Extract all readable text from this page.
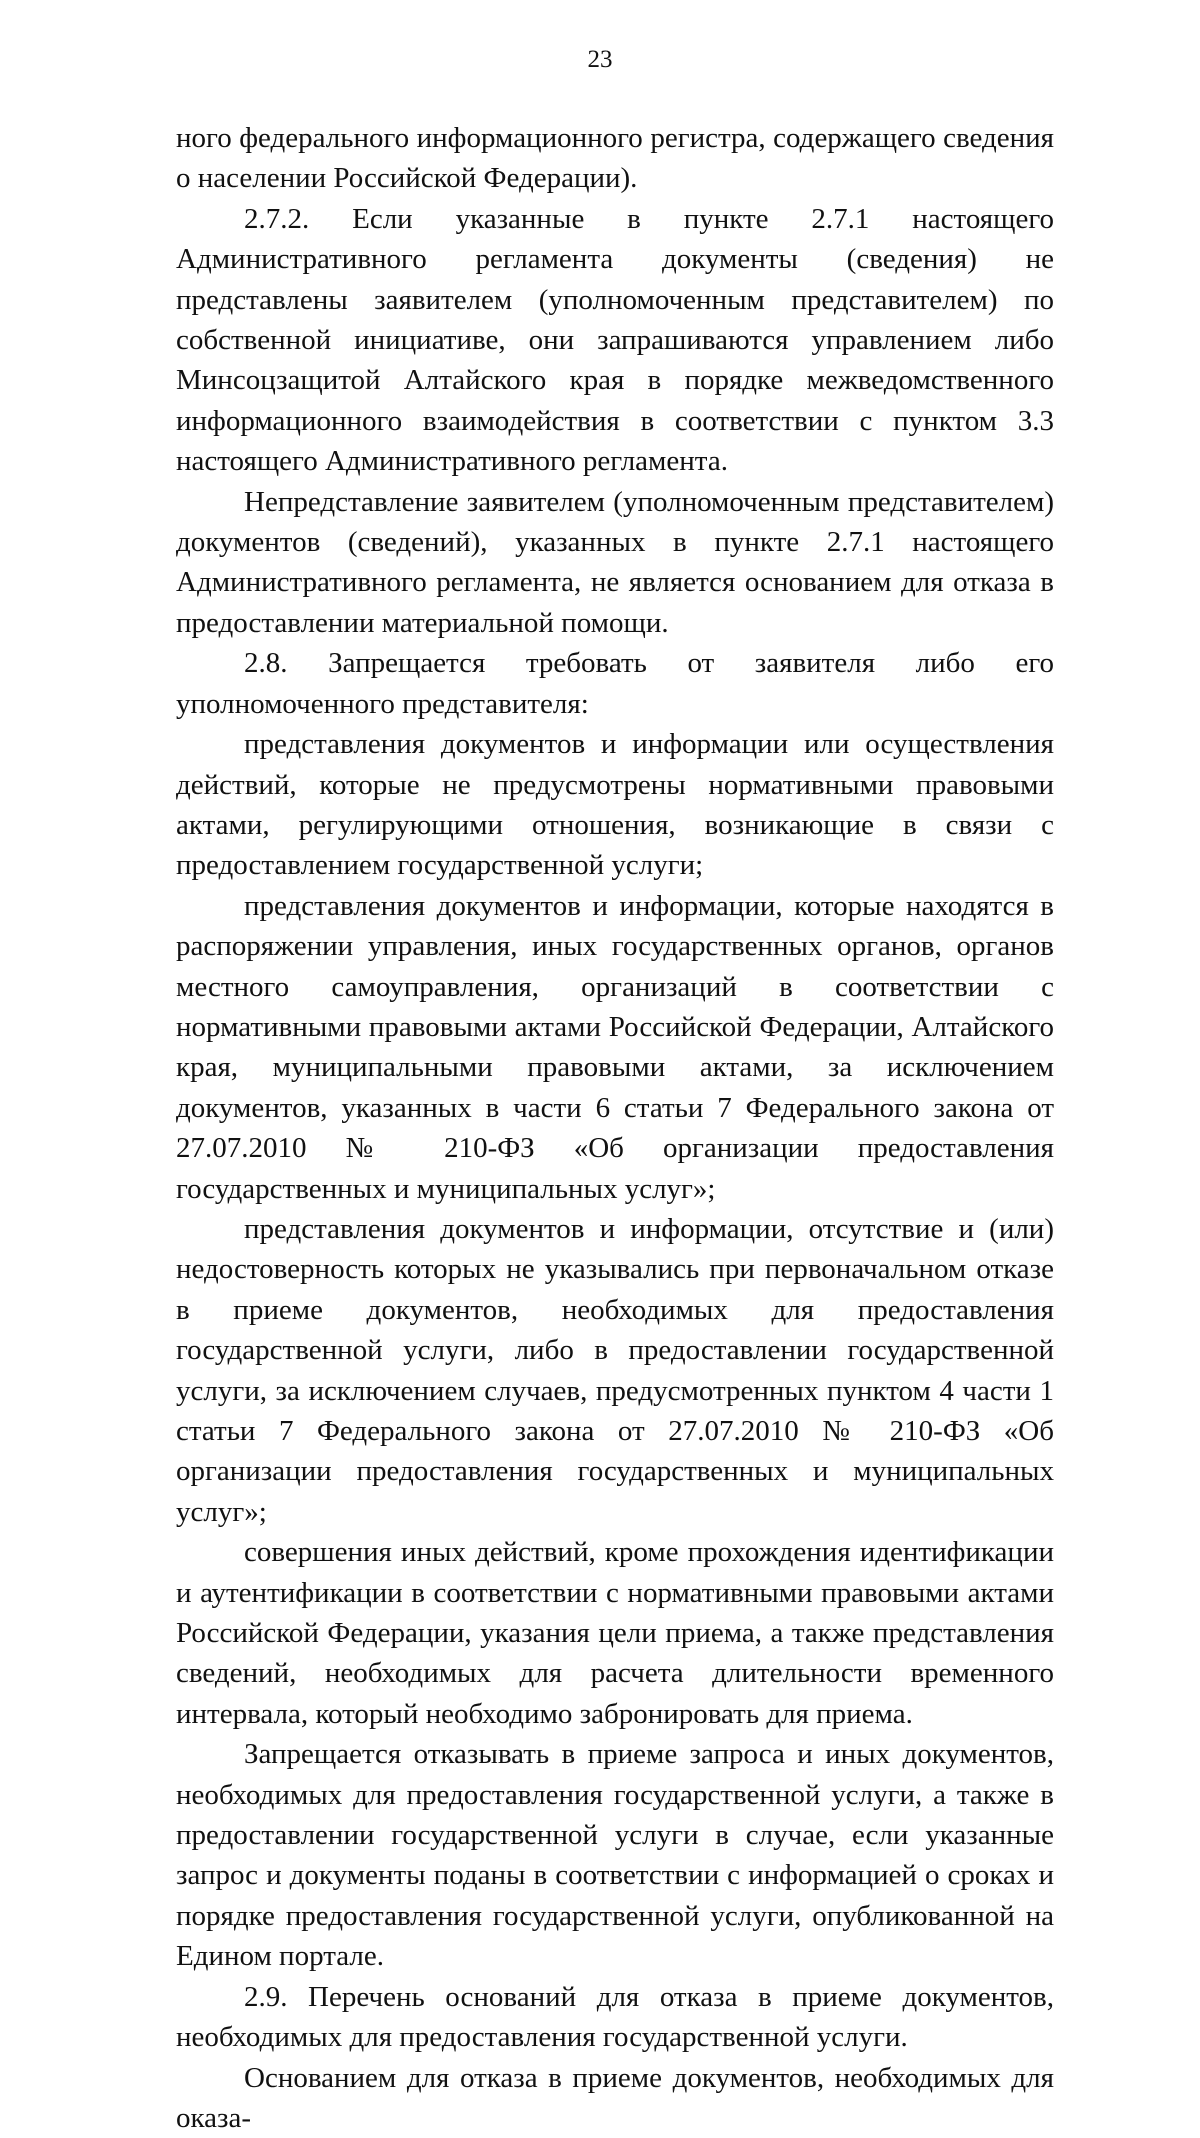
23

ного федерального информационного регистра, содержащего сведения о населении Российской Федерации).

2.7.2. Если указанные в пункте 2.7.1 настоящего Административного регламента документы (сведения) не представлены заявителем (уполномоченным представителем) по собственной инициативе, они запрашиваются управлением либо Минсоцзащитой Алтайского края в порядке межведомственного информационного взаимодействия в соответствии с пунктом 3.3 настоящего Административного регламента.

Непредставление заявителем (уполномоченным представителем) документов (сведений), указанных в пункте 2.7.1 настоящего Административного регламента, не является основанием для отказа в предоставлении материальной помощи.

2.8. Запрещается требовать от заявителя либо его уполномоченного представителя:

представления документов и информации или осуществления действий, которые не предусмотрены нормативными правовыми актами, регулирующими отношения, возникающие в связи с предоставлением государственной услуги;

представления документов и информации, которые находятся в распоряжении управления, иных государственных органов, органов местного самоуправления, организаций в соответствии с нормативными правовыми актами Российской Федерации, Алтайского края, муниципальными правовыми актами, за исключением документов, указанных в части 6 статьи 7 Федерального закона от 27.07.2010 № 210-ФЗ «Об организации предоставления государственных и муниципальных услуг»;

представления документов и информации, отсутствие и (или) недостоверность которых не указывались при первоначальном отказе в приеме документов, необходимых для предоставления государственной услуги, либо в предоставлении государственной услуги, за исключением случаев, предусмотренных пунктом 4 части 1 статьи 7 Федерального закона от 27.07.2010 № 210-ФЗ «Об организации предоставления государственных и муниципальных услуг»;

совершения иных действий, кроме прохождения идентификации и аутентификации в соответствии с нормативными правовыми актами Российской Федерации, указания цели приема, а также представления сведений, необходимых для расчета длительности временного интервала, который необходимо забронировать для приема.

Запрещается отказывать в приеме запроса и иных документов, необходимых для предоставления государственной услуги, а также в предоставлении государственной услуги в случае, если указанные запрос и документы поданы в соответствии с информацией о сроках и порядке предоставления государственной услуги, опубликованной на Едином портале.

2.9. Перечень оснований для отказа в приеме документов, необходимых для предоставления государственной услуги.

Основанием для отказа в приеме документов, необходимых для оказа-
